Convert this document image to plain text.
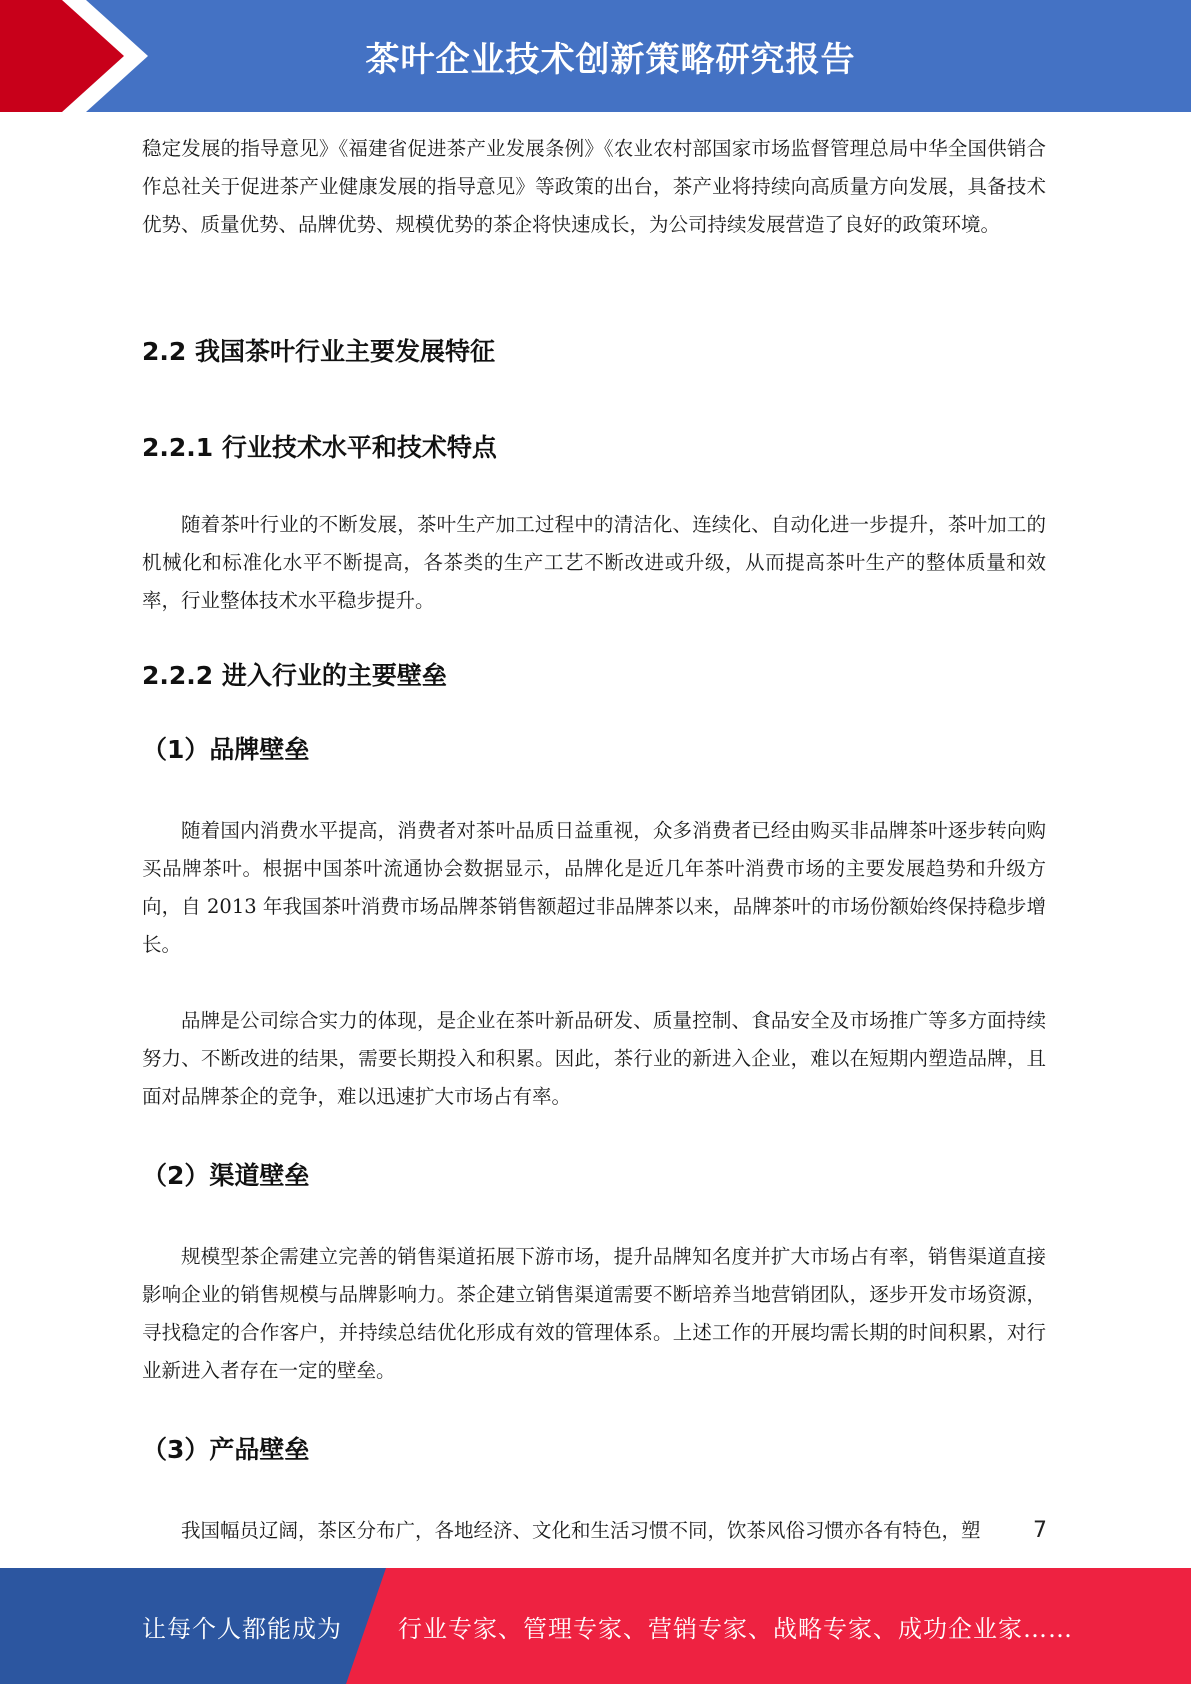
茶叶企业技术创新策略研究报告

稳定发展的指导意见》《福建省促进茶产业发展条例》《农业农村部国家市场监督管理总局中华全国供销合作总社关于促进茶产业健康发展的指导意见》等政策的出台，茶产业将持续向高质量方向发展，具备技术优势、质量优势、品牌优势、规模优势的茶企将快速成长，为公司持续发展营造了良好的政策环境。

2.2 我国茶叶行业主要发展特征
2.2.1 行业技术水平和技术特点

随着茶叶行业的不断发展，茶叶生产加工过程中的清洁化、连续化、自动化进一步提升，茶叶加工的机械化和标准化水平不断提高，各茶类的生产工艺不断改进或升级，从而提高茶叶生产的整体质量和效率，行业整体技术水平稳步提升。

2.2.2 进入行业的主要壁垒
（1）品牌壁垒

随着国内消费水平提高，消费者对茶叶品质日益重视，众多消费者已经由购买非品牌茶叶逐步转向购买品牌茶叶。根据中国茶叶流通协会数据显示，品牌化是近几年茶叶消费市场的主要发展趋势和升级方向，自 2013 年我国茶叶消费市场品牌茶销售额超过非品牌茶以来，品牌茶叶的市场份额始终保持稳步增长。

品牌是公司综合实力的体现，是企业在茶叶新品研发、质量控制、食品安全及市场推广等多方面持续努力、不断改进的结果，需要长期投入和积累。因此，茶行业的新进入企业，难以在短期内塑造品牌，且面对品牌茶企的竞争，难以迅速扩大市场占有率。

（2）渠道壁垒

规模型茶企需建立完善的销售渠道拓展下游市场，提升品牌知名度并扩大市场占有率，销售渠道直接影响企业的销售规模与品牌影响力。茶企建立销售渠道需要不断培养当地营销团队，逐步开发市场资源，寻找稳定的合作客户，并持续总结优化形成有效的管理体系。上述工作的开展均需长期的时间积累，对行业新进入者存在一定的壁垒。

（3）产品壁垒

我国幅员辽阔，茶区分布广，各地经济、文化和生活习惯不同，饮茶风俗习惯亦各有特色，塑	7
让每个人都能成为 行业专家、管理专家、营销专家、战略专家、成功企业家……
